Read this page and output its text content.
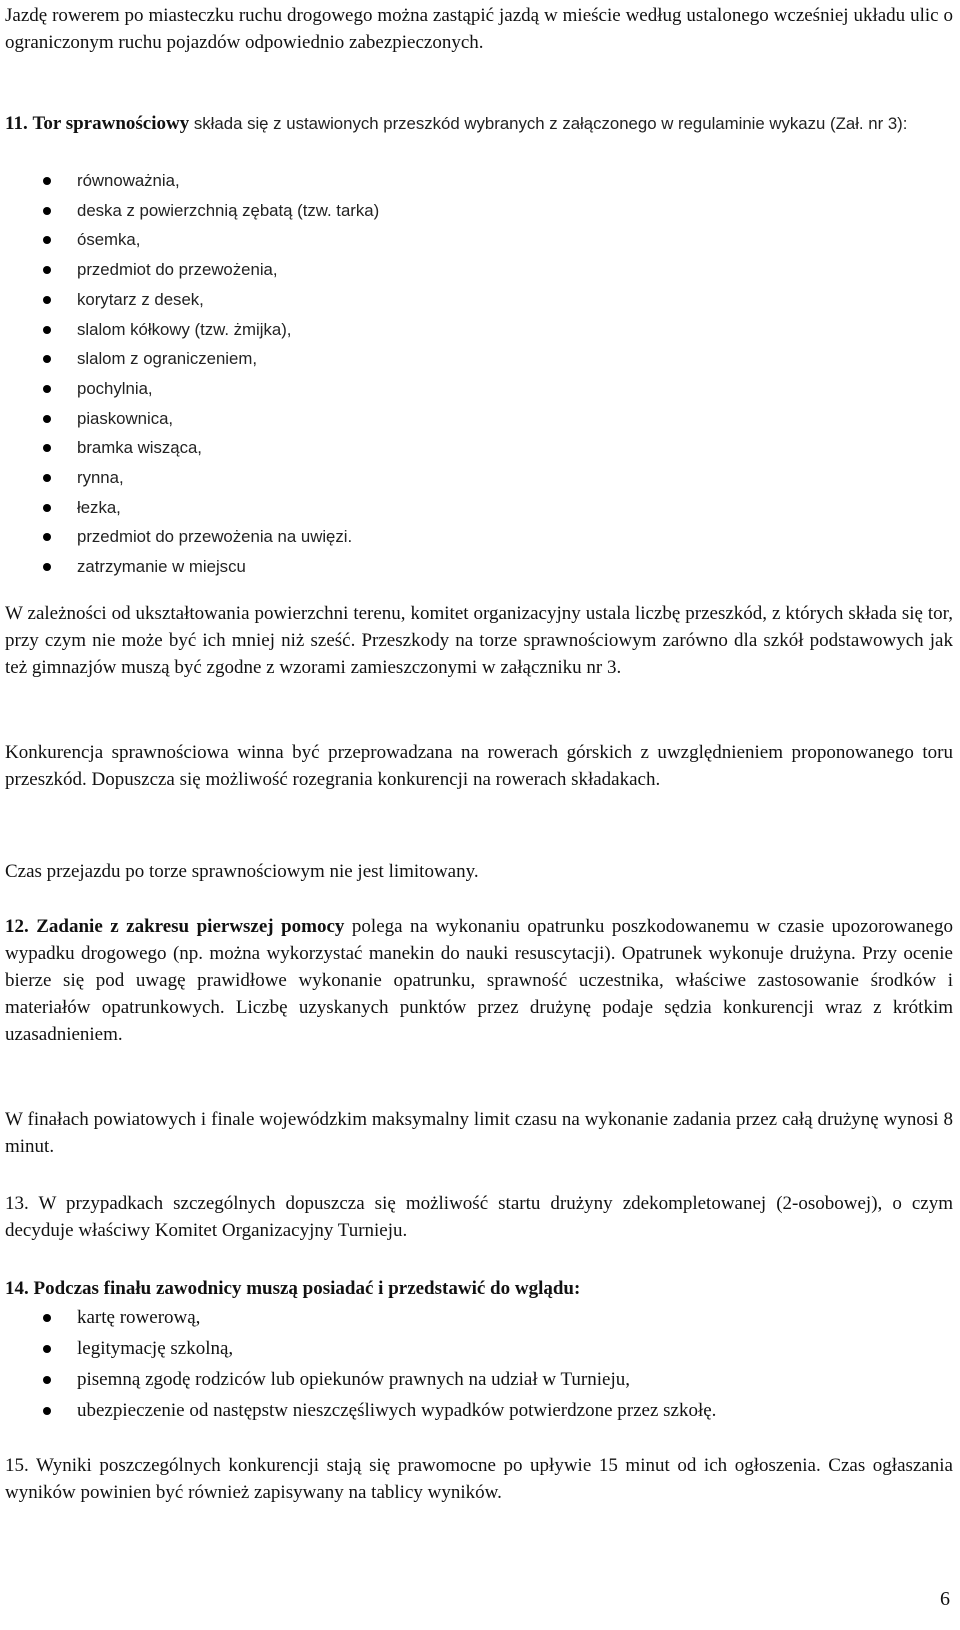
Jazdę rowerem po miasteczku ruchu drogowego można zastąpić jazdą w mieście według ustalonego wcześniej układu ulic o ograniczonym ruchu pojazdów odpowiednio zabezpieczonych.

11. Tor sprawnościowy składa się z ustawionych przeszkód wybranych z załączonego w regulaminie wykazu (Zał. nr 3):

równoważnia,
deska z powierzchnią zębatą (tzw. tarka)
ósemka,
przedmiot do przewożenia,
korytarz z desek,
slalom kółkowy (tzw. żmijka),
slalom z ograniczeniem,
pochylnia,
piaskownica,
bramka wisząca,
rynna,
łezka,
przedmiot do przewożenia na uwięzi.
zatrzymanie w miejscu

W zależności od ukształtowania powierzchni terenu, komitet organizacyjny ustala liczbę przeszkód, z których składa się tor, przy czym nie może być ich mniej niż sześć. Przeszkody na torze sprawnościowym zarówno dla szkół podstawowych jak też gimnazjów muszą być zgodne z wzorami zamieszczonymi w załączniku nr 3.

Konkurencja sprawnościowa winna być przeprowadzana na rowerach górskich z uwzględnieniem proponowanego toru przeszkód. Dopuszcza się możliwość rozegrania konkurencji na rowerach składakach.

Czas przejazdu po torze sprawnościowym nie jest limitowany.

12. Zadanie z zakresu pierwszej pomocy polega na wykonaniu opatrunku poszkodowanemu w czasie upozorowanego wypadku drogowego (np. można wykorzystać manekin do nauki resuscytacji). Opatrunek wykonuje drużyna. Przy ocenie bierze się pod uwagę prawidłowe wykonanie opatrunku, sprawność uczestnika, właściwe zastosowanie środków i materiałów opatrunkowych. Liczbę uzyskanych punktów przez drużynę podaje sędzia konkurencji wraz z krótkim uzasadnieniem.

W finałach powiatowych i finale wojewódzkim maksymalny limit czasu na wykonanie zadania przez całą drużynę wynosi 8 minut.

13. W przypadkach szczególnych dopuszcza się możliwość startu drużyny zdekompletowanej (2-osobowej), o czym decyduje właściwy Komitet Organizacyjny Turnieju.

14. Podczas finału zawodnicy muszą posiadać i przedstawić do wglądu:

kartę rowerową,
legitymację szkolną,
pisemną zgodę rodziców lub opiekunów prawnych na udział w Turnieju,
ubezpieczenie od następstw nieszczęśliwych wypadków potwierdzone przez szkołę.

15. Wyniki poszczególnych konkurencji stają się prawomocne po upływie 15 minut od ich ogłoszenia. Czas ogłaszania wyników powinien być również zapisywany na tablicy wyników.

6
